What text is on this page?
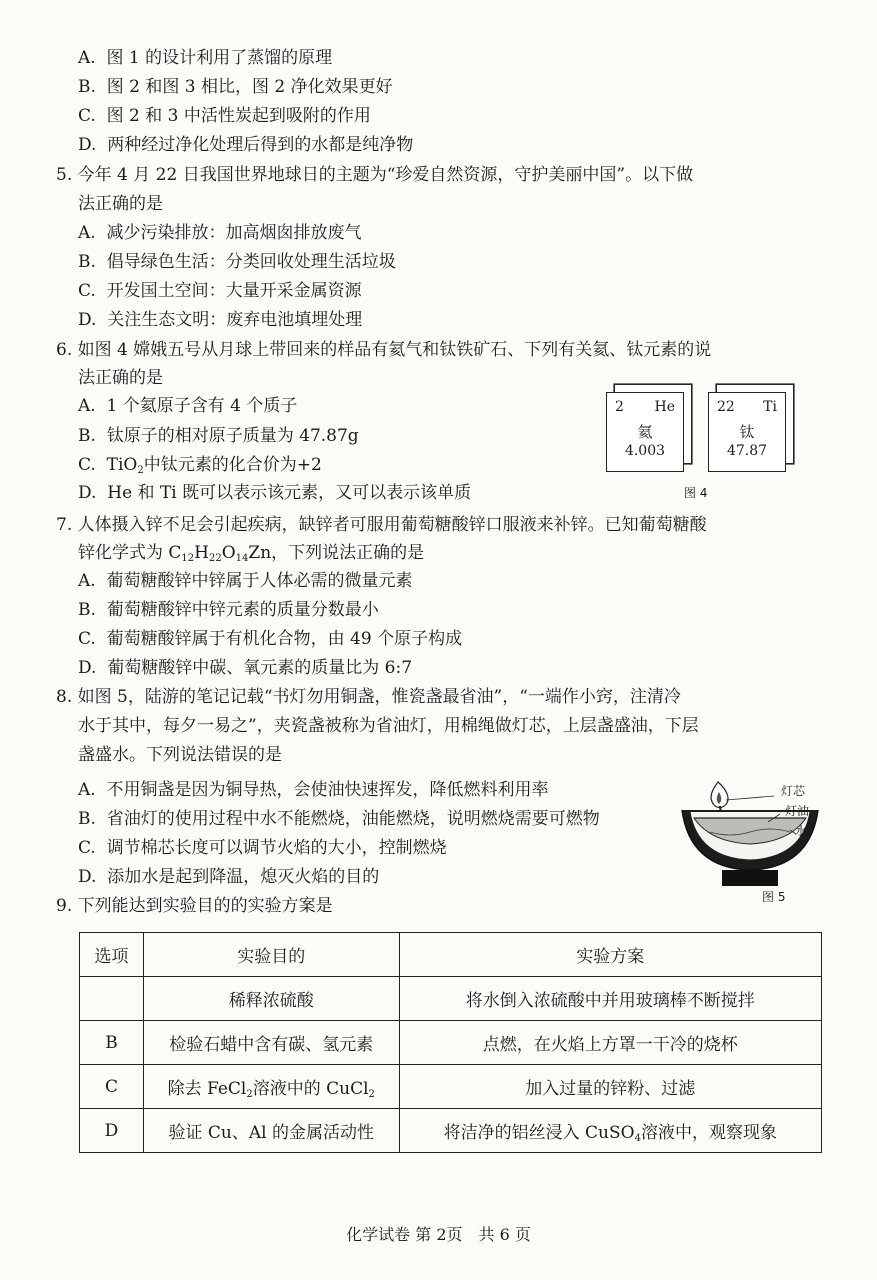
A. 图 1 的设计利用了蒸馏的原理
B. 图 2 和图 3 相比，图 2 净化效果更好
C. 图 2 和 3 中活性炭起到吸附的作用
D. 两种经过净化处理后得到的水都是纯净物
5. 今年 4 月 22 日我国世界地球日的主题为“珍爱自然资源，守护美丽中国”。以下做
法正确的是
A. 减少污染排放：加高烟囱排放废气
B. 倡导绿色生活：分类回收处理生活垃圾
C. 开发国土空间：大量开采金属资源
D. 关注生态文明：废弃电池填埋处理
6. 如图 4 嫦娥五号从月球上带回来的样品有氦气和钛铁矿石、下列有关氦、钛元素的说
法正确的是
A. 1 个氦原子含有 4 个质子
B. 钛原子的相对原子质量为 47.87g
C. TiO$_2$中钛元素的化合价为+2
D. He 和 Ti 既可以表示该元素，又可以表示该单质
2 He
氦
4.003
22 Ti
钛
47.87
图 4
7. 人体摄入锌不足会引起疾病，缺锌者可服用葡萄糖酸锌口服液来补锌。已知葡萄糖酸
锌化学式为 $C_{12}H_{22}O_{14}Zn$，下列说法正确的是
A. 葡萄糖酸锌中锌属于人体必需的微量元素
B. 葡萄糖酸锌中锌元素的质量分数最小
C. 葡萄糖酸锌属于有机化合物，由 49 个原子构成
D. 葡萄糖酸锌中碳、氧元素的质量比为 6:7
8. 如图 5，陆游的笔记记载“书灯勿用铜盏，惟瓷盏最省油”，“一端作小窍，注清冷
水于其中，每夕一易之”，夹瓷盏被称为省油灯，用棉绳做灯芯，上层盏盛油，下层
盏盛水。下列说法错误的是
A. 不用铜盏是因为铜导热，会使油快速挥发，降低燃料利用率
B. 省油灯的使用过程中水不能燃烧，油能燃烧，说明燃烧需要可燃物
C. 调节棉芯长度可以调节火焰的大小，控制燃烧
D. 添加水是起到降温，熄灭火焰的目的
灯芯
灯油
水
图 5
9. 下列能达到实验目的的实验方案是
选项	实验目的	实验方案
	稀释浓硫酸	将水倒入浓硫酸中并用玻璃棒不断搅拌
B	检验石蜡中含有碳、氢元素	点燃，在火焰上方罩一干冷的烧杯
C	除去 FeCl$_2$溶液中的 CuCl$_2$	加入过量的锌粉、过滤
D	验证 Cu、Al 的金属活动性	将洁净的铝丝浸入 CuSO$_4$溶液中，观察现象
化学试卷 第 2页　共 6 页
